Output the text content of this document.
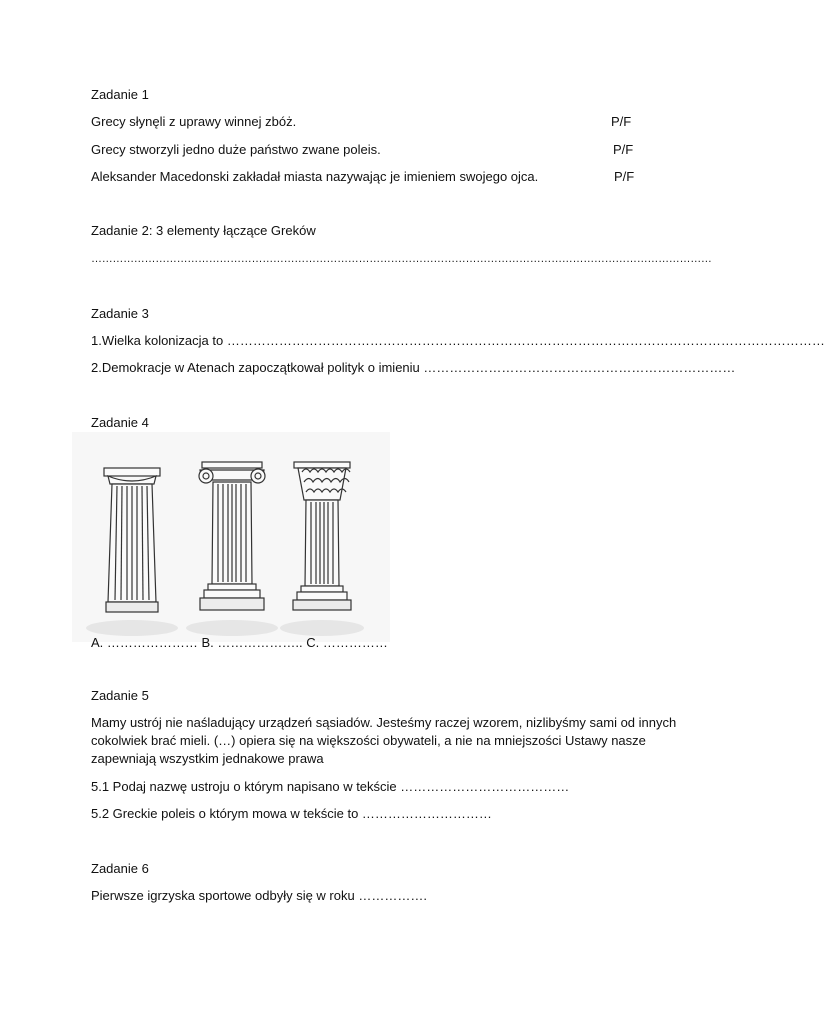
Zadanie 1
Grecy słynęli z uprawy winnej zbóż.	P/F
Grecy stworzyli jedno duże państwo zwane poleis.	P/F
Aleksander Macedonski zakładał miasta nazywając je imieniem swojego ojca.	P/F
Zadanie 2: 3 elementy łączące Greków
…………………………………………………………………………………………………………………………………………………………
Zadanie 3
1.Wielka kolonizacja to …………………………………………………………………………………………………………………………
2.Demokracje w Atenach zapoczątkował polityk o imieniu ………………………………………………………………
Zadanie 4
A. ………………… B. ……………….. C. ……………
Zadanie 5
Mamy ustrój nie naśladujący urządzeń sąsiadów. Jesteśmy raczej wzorem, nizlibyśmy sami od innych cokolwiek brać mieli. (…) opiera się na większości obywateli, a nie na mniejszości Ustawy nasze zapewniają wszystkim jednakowe prawa
5.1 Podaj nazwę ustroju o którym napisano w tekście …………………………………
5.2 Greckie poleis o którym mowa w tekście to …………………………
Zadanie 6
Pierwsze igrzyska sportowe odbyły się w roku …………….
